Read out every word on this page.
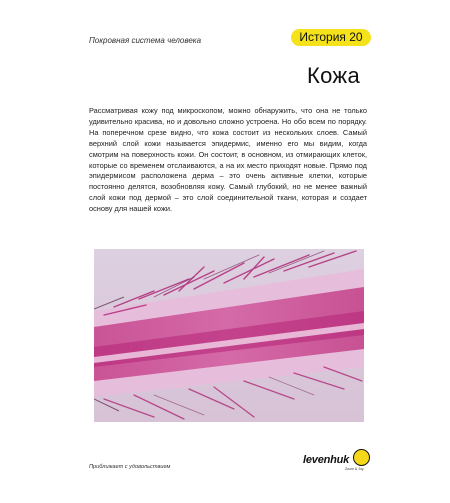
Покровная система человека	История 20
Кожа
Рассматривая кожу под микроскопом, можно обнаружить, что она не только удивительно красива, но и довольно сложно устроена. Но обо всем по порядку. На поперечном срезе видно, что кожа состоит из нескольких слоев. Самый верхний слой кожи называется эпидермис, именно его мы видим, когда смотрим на поверхность кожи. Он состоит, в основном, из отмирающих клеток, которые со временем отслаиваются, а на их место приходят новые. Прямо под эпидермисом расположена дерма – это очень активные клетки, которые постоянно делятся, возобновляя кожу. Самый глубокий, но не менее важный слой кожи под дермой – это слой соединительной ткани, которая и создает основу для нашей кожи.
Приближает с удовольствием
levenhuk
Zoom & Joy
